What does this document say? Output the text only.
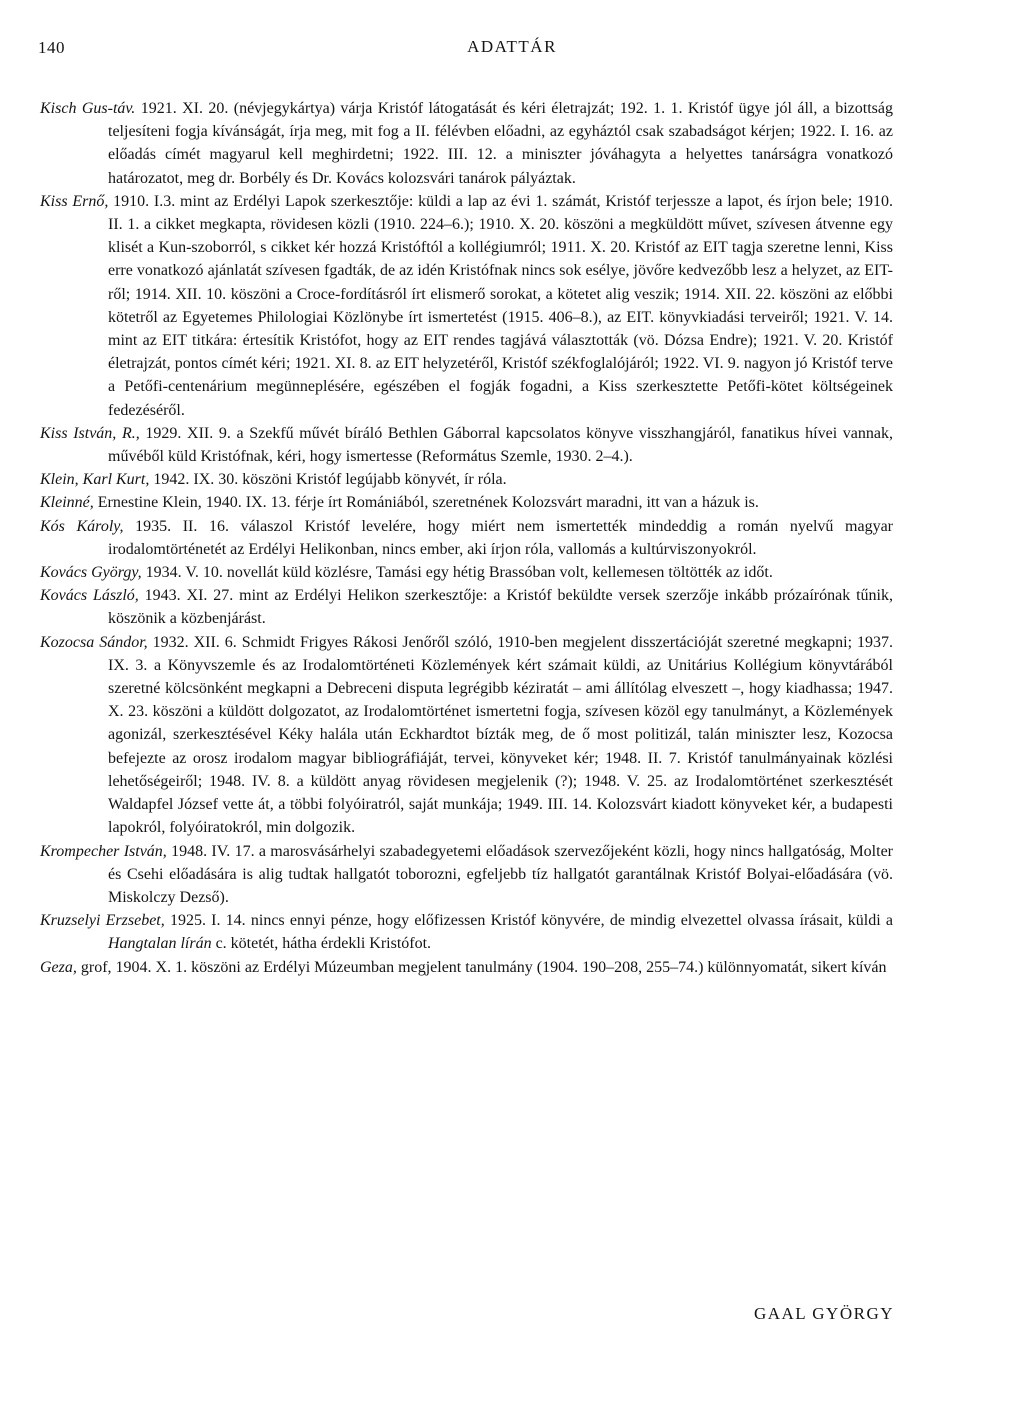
140	ADATTÁR

Kisch Gus-táv. 1921. XI. 20. (névjegykártya) várja Kristóf látogatását és kéri életrajzát; 192. 1. 1. Kristóf ügye jól áll, a bizottság teljesíteni fogja kívánságát, írja meg, mit fog a II. félévben előadni, az egyháztól csak szabadságot kérjen; 1922. I. 16. az előadás címét magyarul kell meghirdetni; 1922. III. 12. a miniszter jóváhagyta a helyettes tanárságra vonatkozó határozatot, meg dr. Borbély és Dr. Kovács kolozsvári tanárok pályáztak.

Kiss Ernő, 1910. I.3. mint az Erdélyi Lapok szerkesztője: küldi a lap az évi 1. számát, Kristóf terjessze a lapot, és írjon bele; 1910. II. 1. a cikket megkapta, rövidesen közli (1910. 224–6.); 1910. X. 20. köszöni a megküldött művet, szívesen átvenne egy klisét a Kun-szoborról, s cikket kér hozzá Kristóftól a kollégiumról; 1911. X. 20. Kristóf az EIT tagja szeretne lenni, Kiss erre vonatkozó ajánlatát szívesen fgadták, de az idén Kristófnak nincs sok esélye, jövőre kedvezőbb lesz a helyzet, az EIT-ről; 1914. XII. 10. köszöni a Croce-fordításról írt elismerő sorokat, a kötetet alig veszik; 1914. XII. 22. köszöni az előbbi kötetről az Egyetemes Philologiai Közlönybe írt ismertetést (1915. 406–8.), az EIT. könyvkiadási terveiről; 1921. V. 14. mint az EIT titkára: értesítik Kristófot, hogy az EIT rendes tagjává választották (vö. Dózsa Endre); 1921. V. 20. Kristóf életrajzát, pontos címét kéri; 1921. XI. 8. az EIT helyzetéről, Kristóf székfoglalójáról; 1922. VI. 9. nagyon jó Kristóf terve a Petőfi-centenárium megünneplésére, egészében el fogják fogadni, a Kiss szerkesztette Petőfi-kötet költségeinek fedezéséről.

Kiss István, R., 1929. XII. 9. a Szekfű művét bíráló Bethlen Gáborral kapcsolatos könyve visszhangjáról, fanatikus hívei vannak, művéből küld Kristófnak, kéri, hogy ismertesse (Református Szemle, 1930. 2–4.).

Klein, Karl Kurt, 1942. IX. 30. köszöni Kristóf legújabb könyvét, ír róla.

Kleinné, Ernestine Klein, 1940. IX. 13. férje írt Romániából, szeretnének Kolozsvárt maradni, itt van a házuk is.

Kós Károly, 1935. II. 16. válaszol Kristóf levelére, hogy miért nem ismertették mindeddig a román nyelvű magyar irodalomtörténetét az Erdélyi Helikonban, nincs ember, aki írjon róla, vallomás a kultúrviszonyokról.

Kovács György, 1934. V. 10. novellát küld közlésre, Tamási egy hétig Brassóban volt, kellemesen töltötték az időt.

Kovács László, 1943. XI. 27. mint az Erdélyi Helikon szerkesztője: a Kristóf beküldte versek szerzője inkább prózaírónak tűnik, köszönik a közbenjárást.

Kozocsa Sándor, 1932. XII. 6. Schmidt Frigyes Rákosi Jenőről szóló, 1910-ben megjelent disszertációját szeretné megkapni; 1937. IX. 3. a Könyvszemle és az Irodalomtörténeti Közlemények kért számait küldi, az Unitárius Kollégium könyvtárából szeretné kölcsönként megkapni a Debreceni disputa legrégibb kéziratát – ami állítólag elveszett –, hogy kiadhassa; 1947. X. 23. köszöni a küldött dolgozatot, az Irodalomtörténet ismertetni fogja, szívesen közöl egy tanulmányt, a Közlemények agonizál, szerkesztésével Kéky halála után Eckhardtot bízták meg, de ő most politizál, talán miniszter lesz, Kozocsa befejezte az orosz irodalom magyar bibliográfiáját, tervei, könyveket kér; 1948. II. 7. Kristóf tanulmányainak közlési lehetőségeiről; 1948. IV. 8. a küldött anyag rövidesen megjelenik (?); 1948. V. 25. az Irodalomtörténet szerkesztését Waldapfel József vette át, a többi folyóiratról, saját munkája; 1949. III. 14. Kolozsvárt kiadott könyveket kér, a budapesti lapokról, folyóiratokról, min dolgozik.

Krompecher István, 1948. IV. 17. a marosvásárhelyi szabadegyetemi előadások szervezőjeként közli, hogy nincs hallgatóság, Molter és Csehi előadására is alig tudtak hallgatót toborozni, egfeljebb tíz hallgatót garantálnak Kristóf Bolyai-előadására (vö. Miskolczy Dezső).

Kruzselyi Erzsebet, 1925. I. 14. nincs ennyi pénze, hogy előfizessen Kristóf könyvére, de mindig elvezettel olvassa írásait, küldi a Hangtalan lírán c. kötetét, hátha érdekli Kristófot.

Geza, grof, 1904. X. 1. köszöni az Erdélyi Múzeumban megjelent tanulmány (1904. 190–208, 255–74.) különnyomatát, sikert kíván

GAAL GYÖRGY
